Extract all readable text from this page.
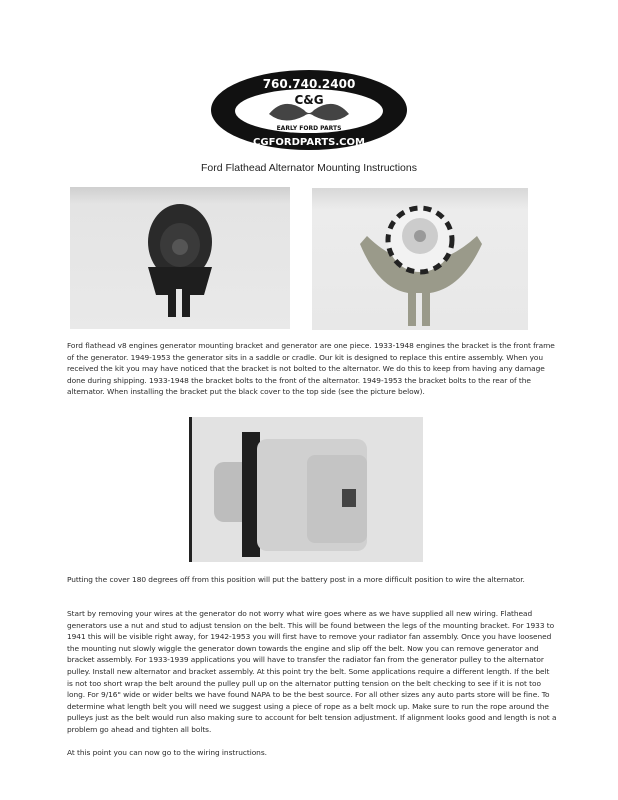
760.740.2400
C&G
EARLY FORD PARTS
CGFORDPARTS.COM
Ford Flathead Alternator Mounting Instructions
Ford flathead v8 engines generator mounting bracket and generator are one piece. 1933-1948 engines the bracket is the front frame of the generator. 1949-1953 the generator sits in a saddle or cradle. Our kit is designed to replace this entire assembly. When you received the kit you may have noticed that the bracket is not bolted to the alternator. We do this to keep from having any damage done during shipping. 1933-1948 the bracket bolts to the front of the alternator. 1949-1953 the bracket bolts to the rear of the alternator. When installing the bracket put the black cover to the top side (see the picture below).
Putting the cover 180 degrees off from this position will put the battery post in a more difficult position to wire the alternator.
Start by removing your wires at the generator do not worry what wire goes where as we have supplied all new wiring. Flathead generators use a nut and stud to adjust tension on the belt. This will be found between the legs of the mounting bracket. For 1933 to 1941 this will be visible right away, for 1942-1953 you will first have to remove your radiator fan assembly. Once you have loosened the mounting nut slowly wiggle the generator down towards the engine and slip off the belt. Now you can remove generator and bracket assembly. For 1933-1939 applications you will have to transfer the radiator fan from the generator pulley to the alternator pulley. Install new alternator and bracket assembly. At this point try the belt. Some applications require a different length. If the belt is not too short wrap the belt around the pulley pull up on the alternator putting tension on the belt checking to see if it is not too long. For 9/16" wide or wider belts we have found NAPA to be the best source. For all other sizes any auto parts store will be fine. To determine what length belt you will need we suggest using a piece of rope as a belt mock up. Make sure to run the rope around the pulleys just as the belt would run also making sure to account for belt tension adjustment. If alignment looks good and length is not a problem go ahead and tighten all bolts.
At this point you can now go to the wiring instructions.
